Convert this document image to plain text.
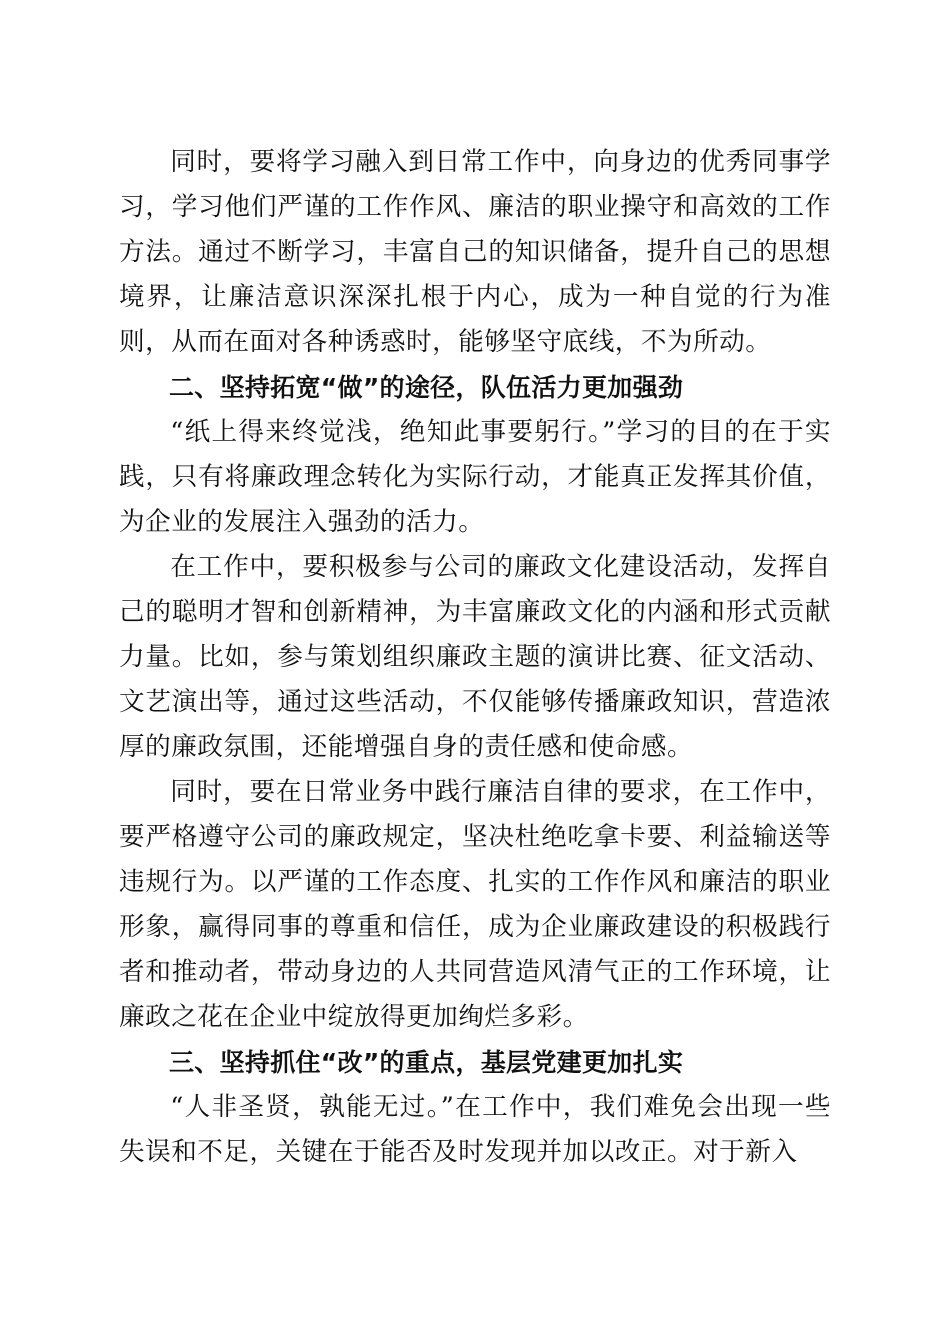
同时，要将学习融入到日常工作中，向身边的优秀同事学习，学习他们严谨的工作作风、廉洁的职业操守和高效的工作方法。通过不断学习，丰富自己的知识储备，提升自己的思想境界，让廉洁意识深深扎根于内心，成为一种自觉的行为准则，从而在面对各种诱惑时，能够坚守底线，不为所动。

二、坚持拓宽“做”的途径，队伍活力更加强劲

“纸上得来终觉浅，绝知此事要躬行。”学习的目的在于实践，只有将廉政理念转化为实际行动，才能真正发挥其价值，为企业的发展注入强劲的活力。

在工作中，要积极参与公司的廉政文化建设活动，发挥自己的聪明才智和创新精神，为丰富廉政文化的内涵和形式贡献力量。比如，参与策划组织廉政主题的演讲比赛、征文活动、文艺演出等，通过这些活动，不仅能够传播廉政知识，营造浓厚的廉政氛围，还能增强自身的责任感和使命感。

同时，要在日常业务中践行廉洁自律的要求，在工作中，要严格遵守公司的廉政规定，坚决杜绝吃拿卡要、利益输送等违规行为。以严谨的工作态度、扎实的工作作风和廉洁的职业形象，赢得同事的尊重和信任，成为企业廉政建设的积极践行者和推动者，带动身边的人共同营造风清气正的工作环境，让廉政之花在企业中绽放得更加绚烂多彩。

三、坚持抓住“改”的重点，基层党建更加扎实

“人非圣贤，孰能无过。”在工作中，我们难免会出现一些失误和不足，关键在于能否及时发现并加以改正。对于新入
